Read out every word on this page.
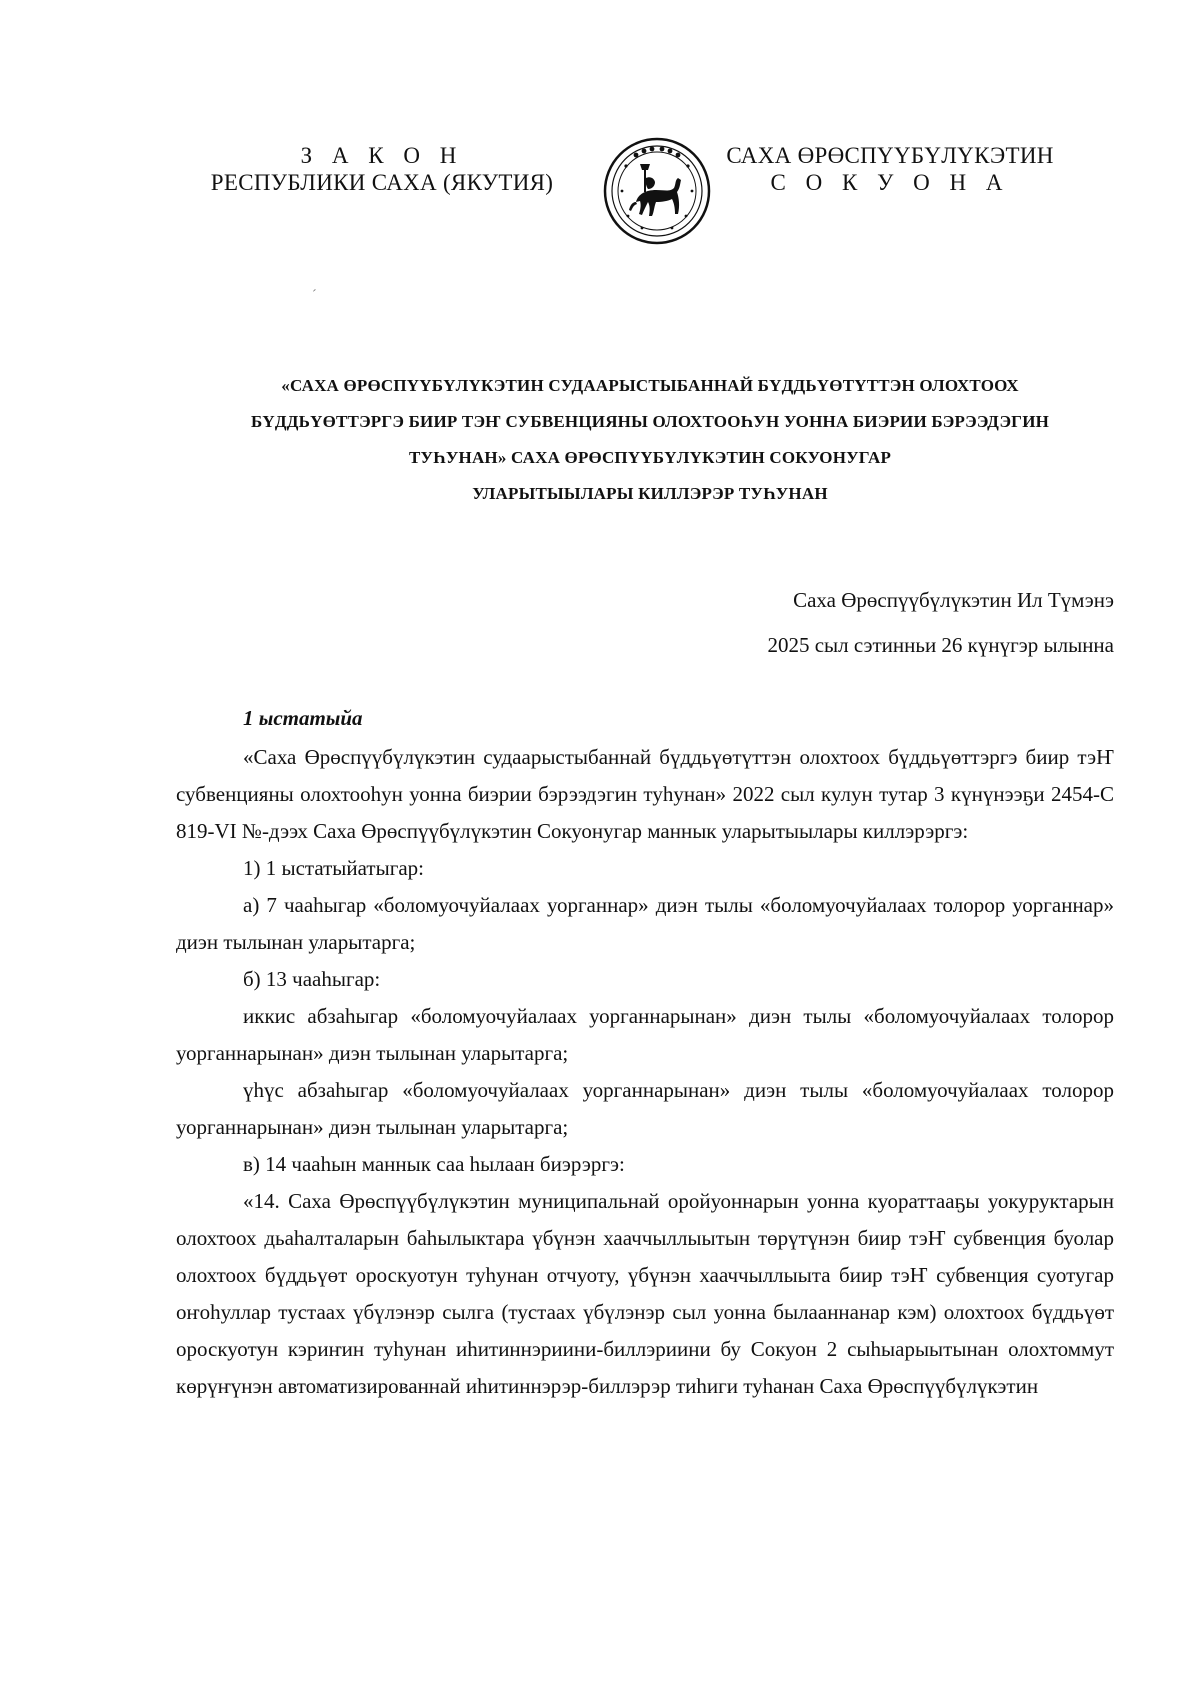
З А К О Н
РЕСПУБЛИКИ САХА (ЯКУТИЯ)
САХА ӨРӨСПҮҮБҮЛҮКЭТИН
С О К У О Н А
ˊ
«САХА ӨРӨСПҮҮБҮЛҮКЭТИН СУДААРЫСТЫБАННАЙ БҮДДЬҮӨТҮТТЭН ОЛОХТООХ
БҮДДЬҮӨТТЭРГЭ БИИР ТЭҤ СУБВЕНЦИЯНЫ ОЛОХТООҺУН УОННА БИЭРИИ БЭРЭЭДЭГИН
ТУҺУНАН» САХА ӨРӨСПҮҮБҮЛҮКЭТИН СОКУОНУГАР
УЛАРЫТЫЫЛАРЫ КИЛЛЭРЭР ТУҺУНАН
Саха Өрөспүүбүлүкэтин Ил Түмэнэ
2025 сыл сэтинньи 26 күнүгэр ылынна

1 ыстатыйа

«Саха Өрөспүүбүлүкэтин судаарыстыбаннай бүддьүөтүттэн олохтоох бүддьүөттэргэ биир тэҤ субвенцияны олохтооһун уонна биэрии бэрээдэгин туһунан» 2022 сыл кулун тутар 3 күнүнээҕи 2454-С 819-VI №-дээх Саха Өрөспүүбүлүкэтин Сокуонугар маннык уларытыылары киллэрэргэ:

1) 1 ыстатыйатыгар:

а) 7 чааһыгар «боломуочуйалаах уорганнар» диэн тылы «боломуочуйалаах толорор уорганнар» диэн тылынан уларытарга;

б) 13 чааһыгар:

иккис абзаһыгар «боломуочуйалаах уорганнарынан» диэн тылы «боломуочуйалаах толорор уорганнарынан» диэн тылынан уларытарга;

үһүс абзаһыгар «боломуочуйалаах уорганнарынан» диэн тылы «боломуочуйалаах толорор уорганнарынан» диэн тылынан уларытарга;

в) 14 чааһын маннык саа һылаан биэрэргэ:

«14. Саха Өрөспүүбүлүкэтин муниципальнай оройуоннарын уонна куораттааҕы уокуруктарын олохтоох дьаһалталарын баһылыктара үбүнэн хааччыллыытын төрүтүнэн биир тэҤ субвенция буолар олохтоох бүддьүөт ороскуотун туһунан отчуоту, үбүнэн хааччыллыыта биир тэҤ субвенция суотугар оҥоһуллар тустаах үбүлэнэр сылга (тустаах үбүлэнэр сыл уонна былааннанар кэм) олохтоох бүддьүөт ороскуотун кэриҥин туһунан иһитиннэриини-биллэриини бу Сокуон 2 сыһыарыытынан олохтоммут көрүҥүнэн автоматизированнай иһитиннэрэр-биллэрэр тиһиги туһанан Саха Өрөспүүбүлүкэтин
